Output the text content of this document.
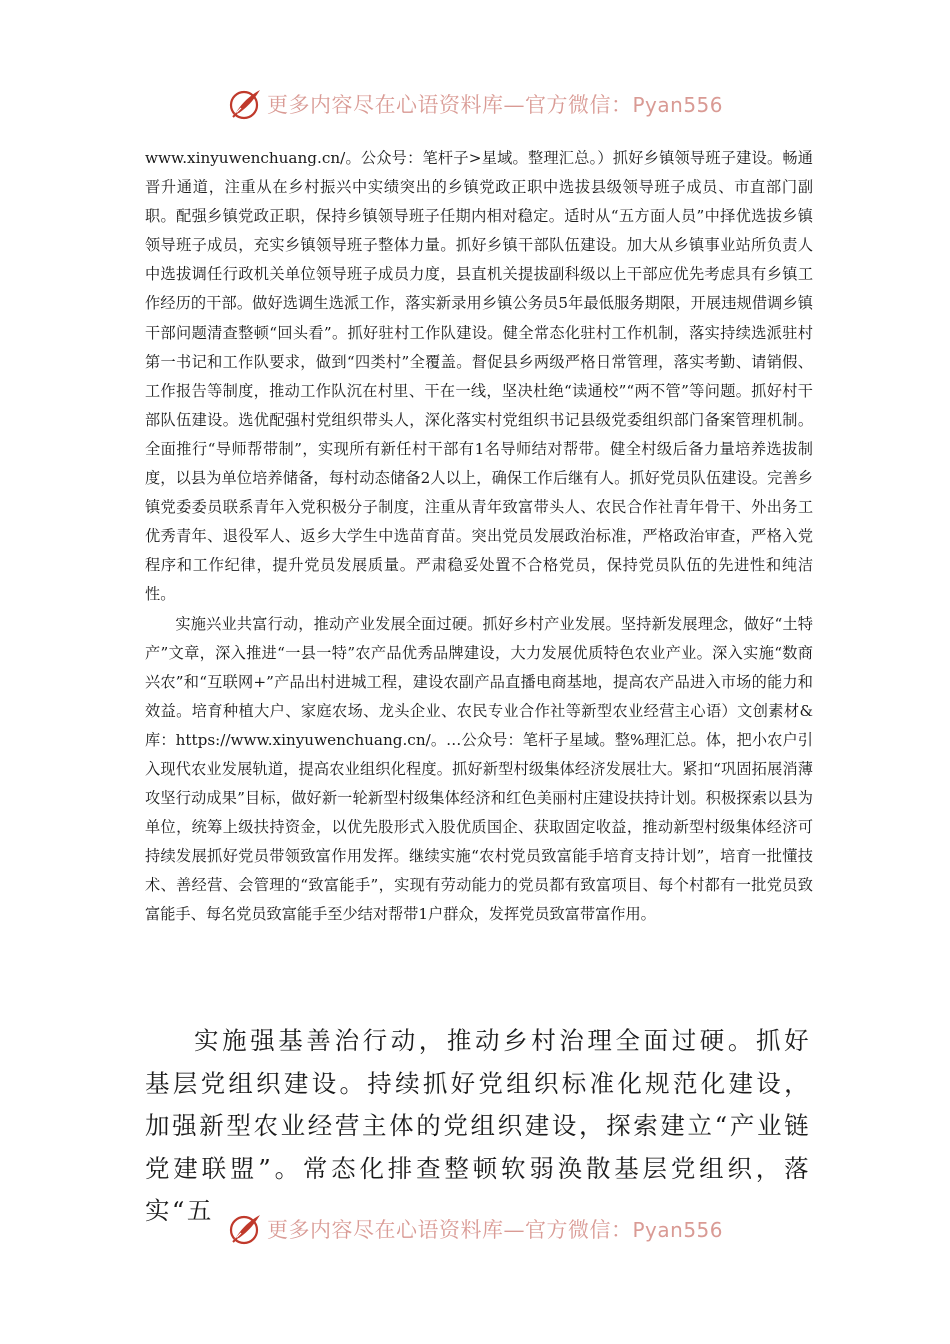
更多内容尽在心语资料库—官方微信：Pyan556

www.xinyuwenchuang.cn/。公众号：笔杆子>星域。整理汇总。）抓好乡镇领导班子建设。畅通晋升通道，注重从在乡村振兴中实绩突出的乡镇党政正职中选拔县级领导班子成员、市直部门副职。配强乡镇党政正职，保持乡镇领导班子任期内相对稳定。适时从“五方面人员”中择优选拔乡镇领导班子成员，充实乡镇领导班子整体力量。抓好乡镇干部队伍建设。加大从乡镇事业站所负责人中选拔调任行政机关单位领导班子成员力度，县直机关提拔副科级以上干部应优先考虑具有乡镇工作经历的干部。做好选调生选派工作，落实新录用乡镇公务员5年最低服务期限，开展违规借调乡镇干部问题清查整顿“回头看”。抓好驻村工作队建设。健全常态化驻村工作机制，落实持续选派驻村第一书记和工作队要求，做到“四类村”全覆盖。督促县乡两级严格日常管理，落实考勤、请销假、工作报告等制度，推动工作队沉在村里、干在一线，坚决杜绝“读通校”“两不管”等问题。抓好村干部队伍建设。选优配强村党组织带头人，深化落实村党组织书记县级党委组织部门备案管理机制。全面推行“导师帮带制”，实现所有新任村干部有1名导师结对帮带。健全村级后备力量培养选拔制度，以县为单位培养储备，每村动态储备2人以上，确保工作后继有人。抓好党员队伍建设。完善乡镇党委委员联系青年入党积极分子制度，注重从青年致富带头人、农民合作社青年骨干、外出务工优秀青年、退役军人、返乡大学生中选苗育苗。突出党员发展政治标准，严格政治审查，严格入党程序和工作纪律，提升党员发展质量。严肃稳妥处置不合格党员，保持党员队伍的先进性和纯洁性。

实施兴业共富行动，推动产业发展全面过硬。抓好乡村产业发展。坚持新发展理念，做好“土特产”文章，深入推进“一县一特”农产品优秀品牌建设，大力发展优质特色农业产业。深入实施“数商兴农”和“互联网+”产品出村进城工程，建设农副产品直播电商基地，提高农产品进入市场的能力和效益。培育种植大户、家庭农场、龙头企业、农民专业合作社等新型农业经营主心语）文创素材&库：https://www.xinyuwenchuang.cn/。…公众号：笔杆子星域。整%理汇总。体，把小农户引入现代农业发展轨道，提高农业组织化程度。抓好新型村级集体经济发展壮大。紧扣“巩固拓展消薄攻坚行动成果”目标，做好新一轮新型村级集体经济和红色美丽村庄建设扶持计划。积极探索以县为单位，统筹上级扶持资金，以优先股形式入股优质国企、获取固定收益，推动新型村级集体经济可持续发展抓好党员带领致富作用发挥。继续实施“农村党员致富能手培育支持计划”，培育一批懂技术、善经营、会管理的“致富能手”，实现有劳动能力的党员都有致富项目、每个村都有一批党员致富能手、每名党员致富能手至少结对帮带1户群众，发挥党员致富带富作用。

实施强基善治行动，推动乡村治理全面过硬。抓好基层党组织建设。持续抓好党组织标准化规范化建设，加强新型农业经营主体的党组织建设，探索建立“产业链党建联盟”。常态化排查整顿软弱涣散基层党组织，落实“五

更多内容尽在心语资料库—官方微信：Pyan556
